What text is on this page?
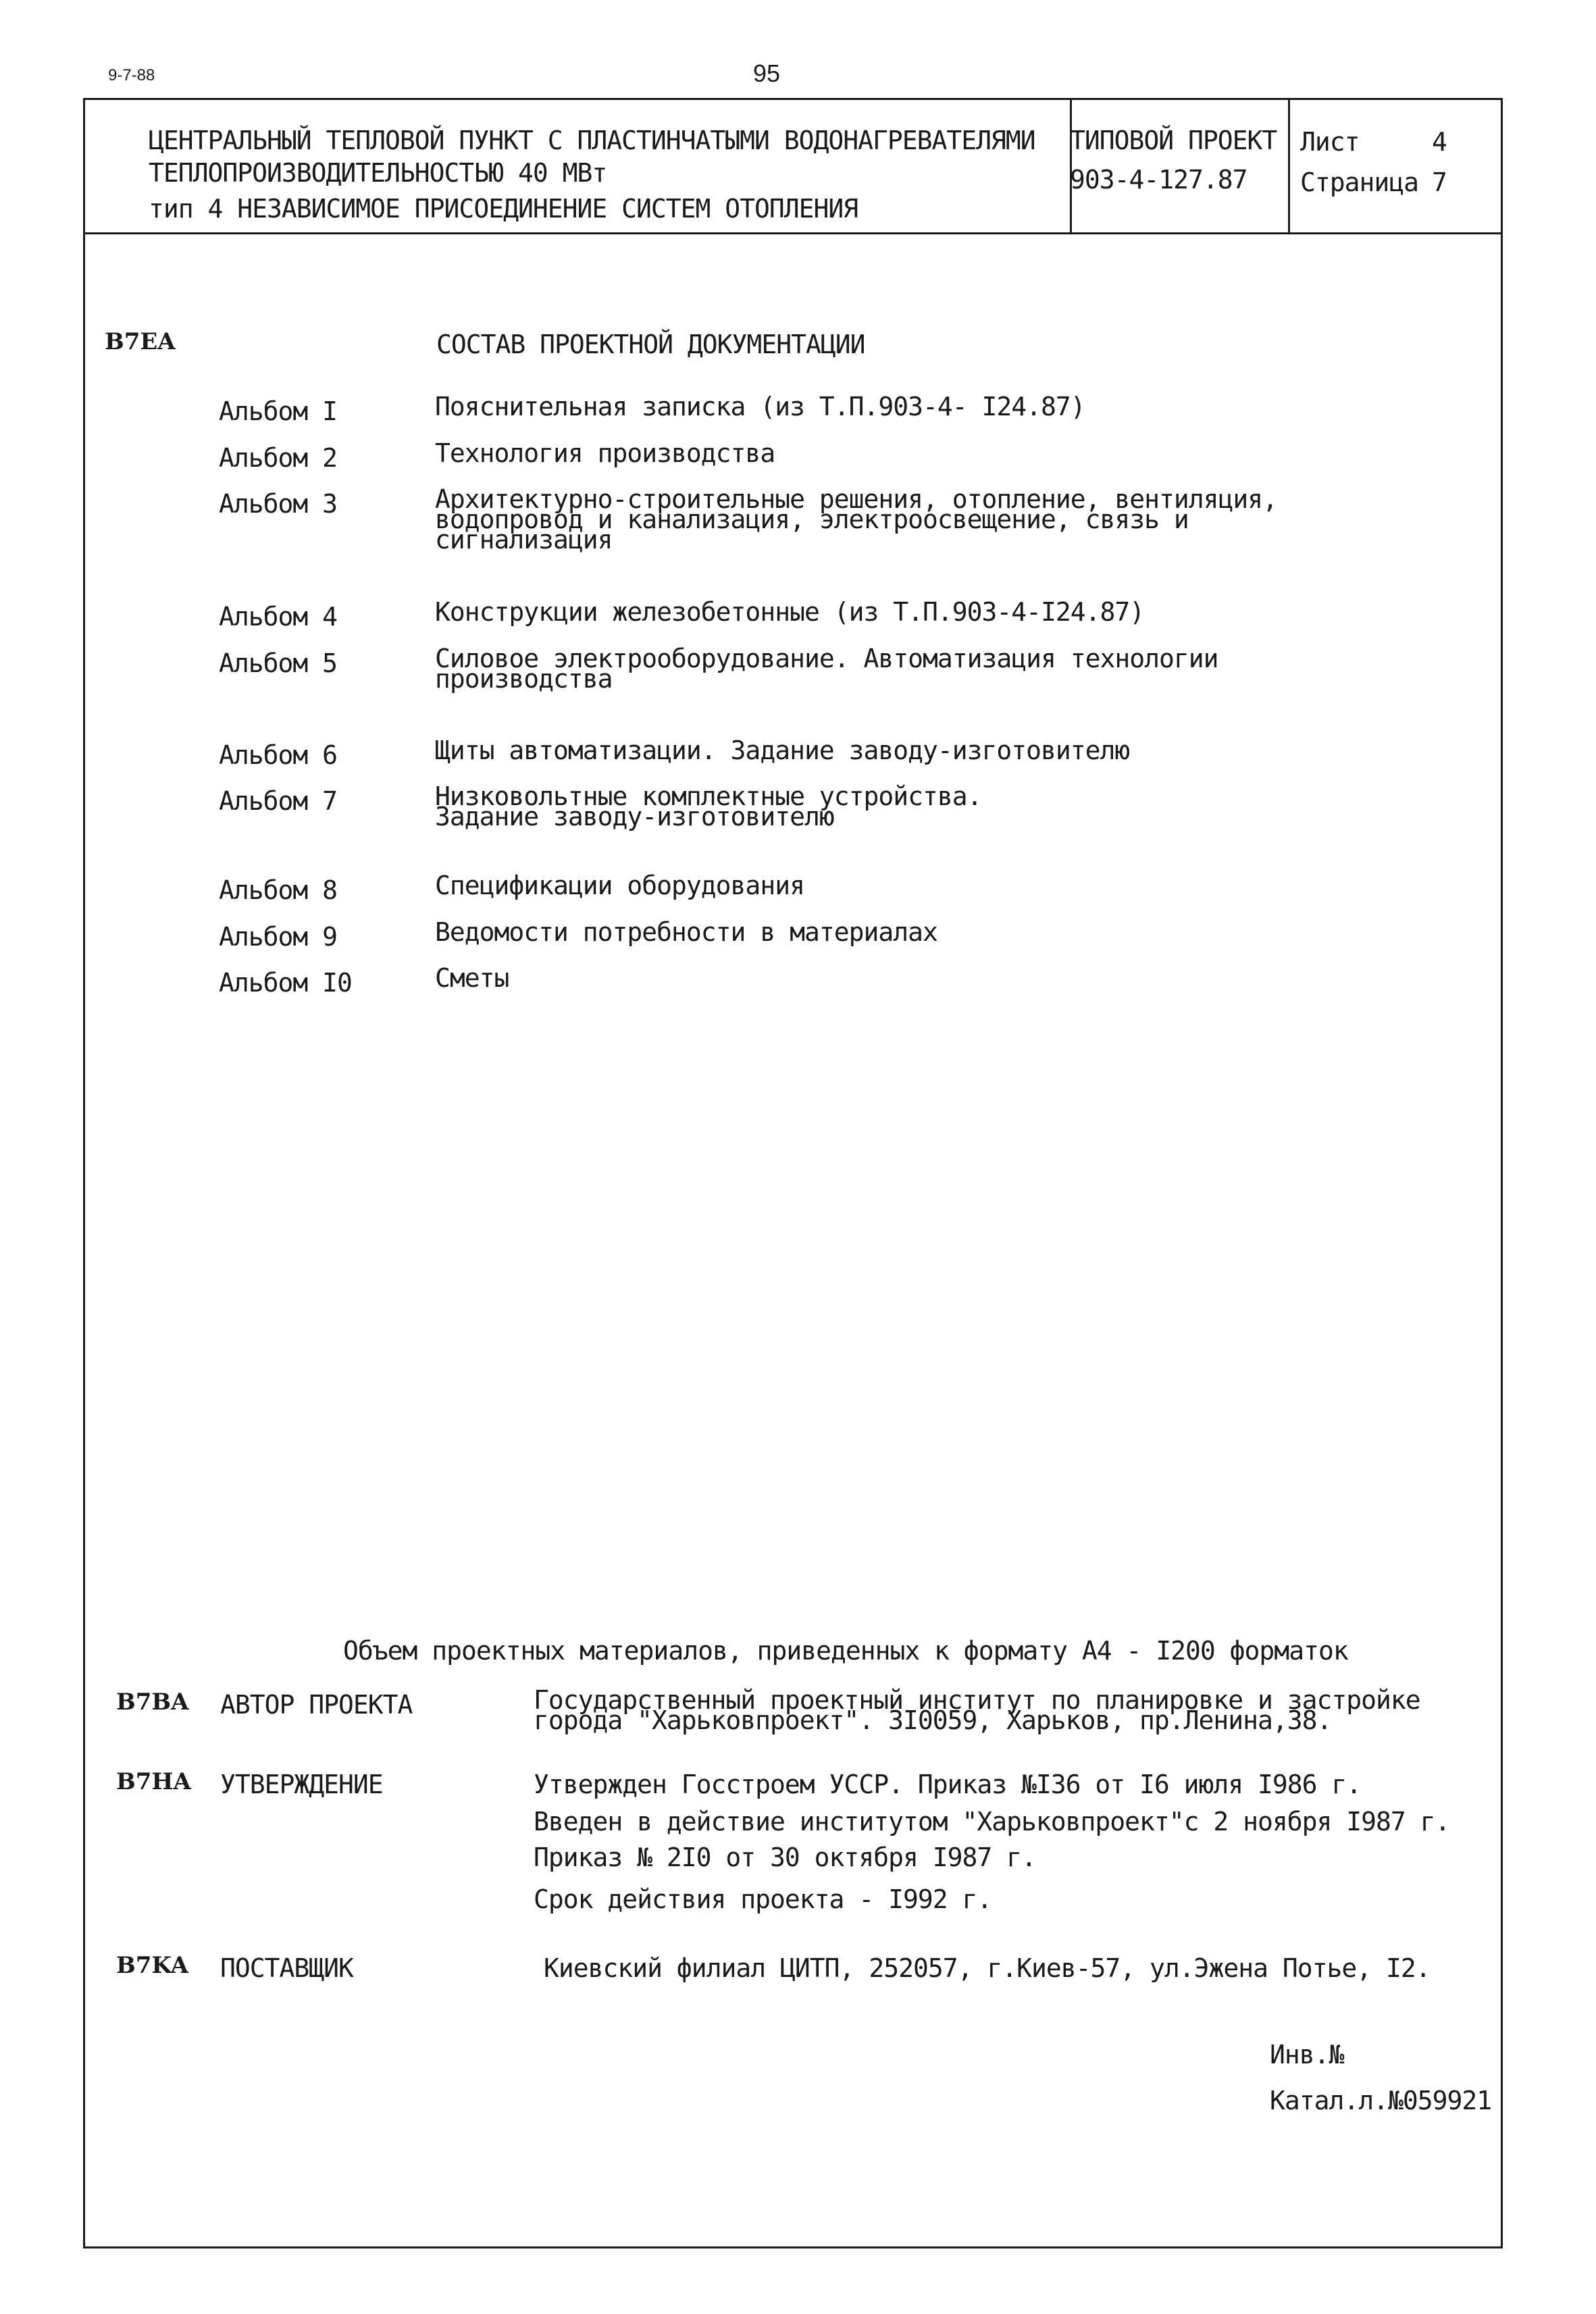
9-7-88	95
ЦЕНТРАЛЬНЫЙ ТЕПЛОВОЙ ПУНКТ С ПЛАСТИНЧАТЫМИ ВОДОНАГРЕВАТЕЛЯМИ
ТЕПЛОПРОИЗВОДИТЕЛЬНОСТЬЮ 40 МВт
тип 4 НЕЗАВИСИМОЕ ПРИСОЕДИНЕНИЕ СИСТЕМ ОТОПЛЕНИЯ
ТИПОВОЙ ПРОЕКТ
903-4-127.87
Лист	4
Страница 7
B7EA	СОСТАВ ПРОЕКТНОЙ ДОКУМЕНТАЦИИ
Альбом I	Пояснительная записка (из Т.П.903-4- I24.87)
Альбом 2	Технология производства
Альбом 3	Архитектурно-строительные решения, отопление, вентиляция,
водопровод и канализация, электроосвещение, связь и
сигнализация
Альбом 4	Конструкции железобетонные (из Т.П.903-4-I24.87)
Альбом 5	Силовое электрооборудование. Автоматизация технологии
производства
Альбом 6	Щиты автоматизации. Задание заводу-изготовителю
Альбом 7	Низковольтные комплектные устройства.
Задание заводу-изготовителю
Альбом 8	Спецификации оборудования
Альбом 9	Ведомости потребности в материалах
Альбом I0	Сметы
Объем проектных материалов, приведенных к формату А4 - I200 форматок
B7BA АВТОР ПРОЕКТА	Государственный проектный институт по планировке и застройке
города "Харьковпроект". 3I0059, Харьков, пр.Ленина,38.
B7HA УТВЕРЖДЕНИЕ	Утвержден Госстроем УССР. Приказ №I36 от I6 июля I986 г.
Введен в действие институтом "Харьковпроект"с 2 ноября I987 г.
Приказ № 2I0 от 30 октября I987 г.
Срок действия проекта - I992 г.
B7KA ПОСТАВЩИК	Киевский филиал ЦИТП, 252057, г.Киев-57, ул.Эжена Потье, I2.
Инв.№
Катал.л.№059921
